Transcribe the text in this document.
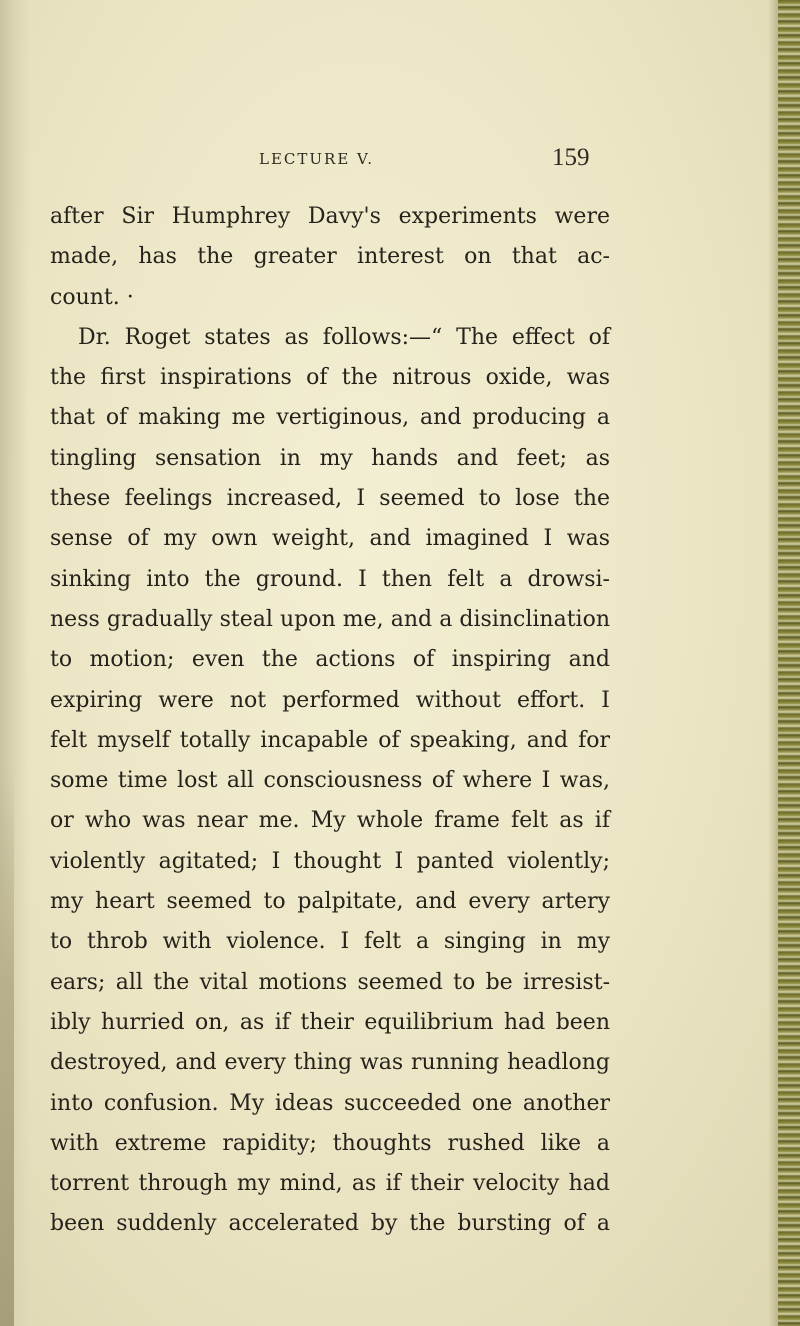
LECTURE V.	159
after Sir Humphrey Davy's experiments were
made, has the greater interest on that ac-
count. ·
Dr. Roget states as follows:—“ The effect of
the first inspirations of the nitrous oxide, was
that of making me vertiginous, and producing a
tingling sensation in my hands and feet; as
these feelings increased, I seemed to lose the
sense of my own weight, and imagined I was
sinking into the ground. I then felt a drowsi-
ness gradually steal upon me, and a disinclination
to motion; even the actions of inspiring and
expiring were not performed without effort. I
felt myself totally incapable of speaking, and for
some time lost all consciousness of where I was,
or who was near me. My whole frame felt as if
violently agitated; I thought I panted violently;
my heart seemed to palpitate, and every artery
to throb with violence. I felt a singing in my
ears; all the vital motions seemed to be irresist-
ibly hurried on, as if their equilibrium had been
destroyed, and every thing was running headlong
into confusion. My ideas succeeded one another
with extreme rapidity; thoughts rushed like a
torrent through my mind, as if their velocity had
been suddenly accelerated by the bursting of a
